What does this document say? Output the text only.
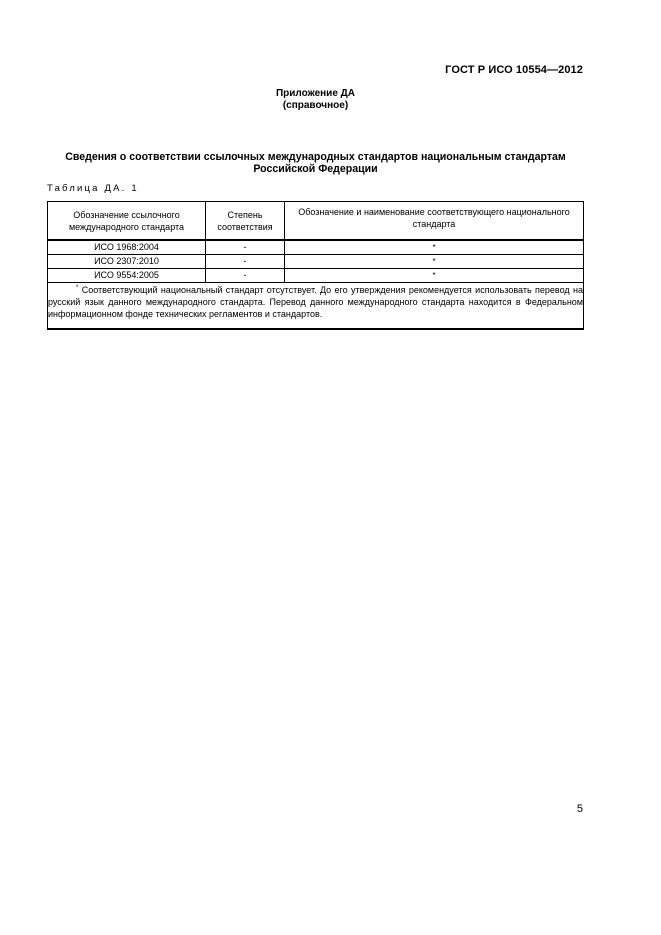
ГОСТ Р ИСО 10554—2012
Приложение ДА
(справочное)
Сведения о соответствии ссылочных международных стандартов национальным стандартам
Российской Федерации
Таблица ДА. 1
Обозначение ссылочного международного стандарта	Степень соответствия	Обозначение и наименование соответствующего национального стандарта
ИСО 1968:2004	-	*
ИСО 2307:2010	-	*
ИСО 9554:2005	-	*

* Соответствующий национальный стандарт отсутствует. До его утверждения рекомендуется использовать перевод на русский язык данного международного стандарта. Перевод данного международного стандарта находится в Федеральном информационном фонде технических регламентов и стандартов.		
5
